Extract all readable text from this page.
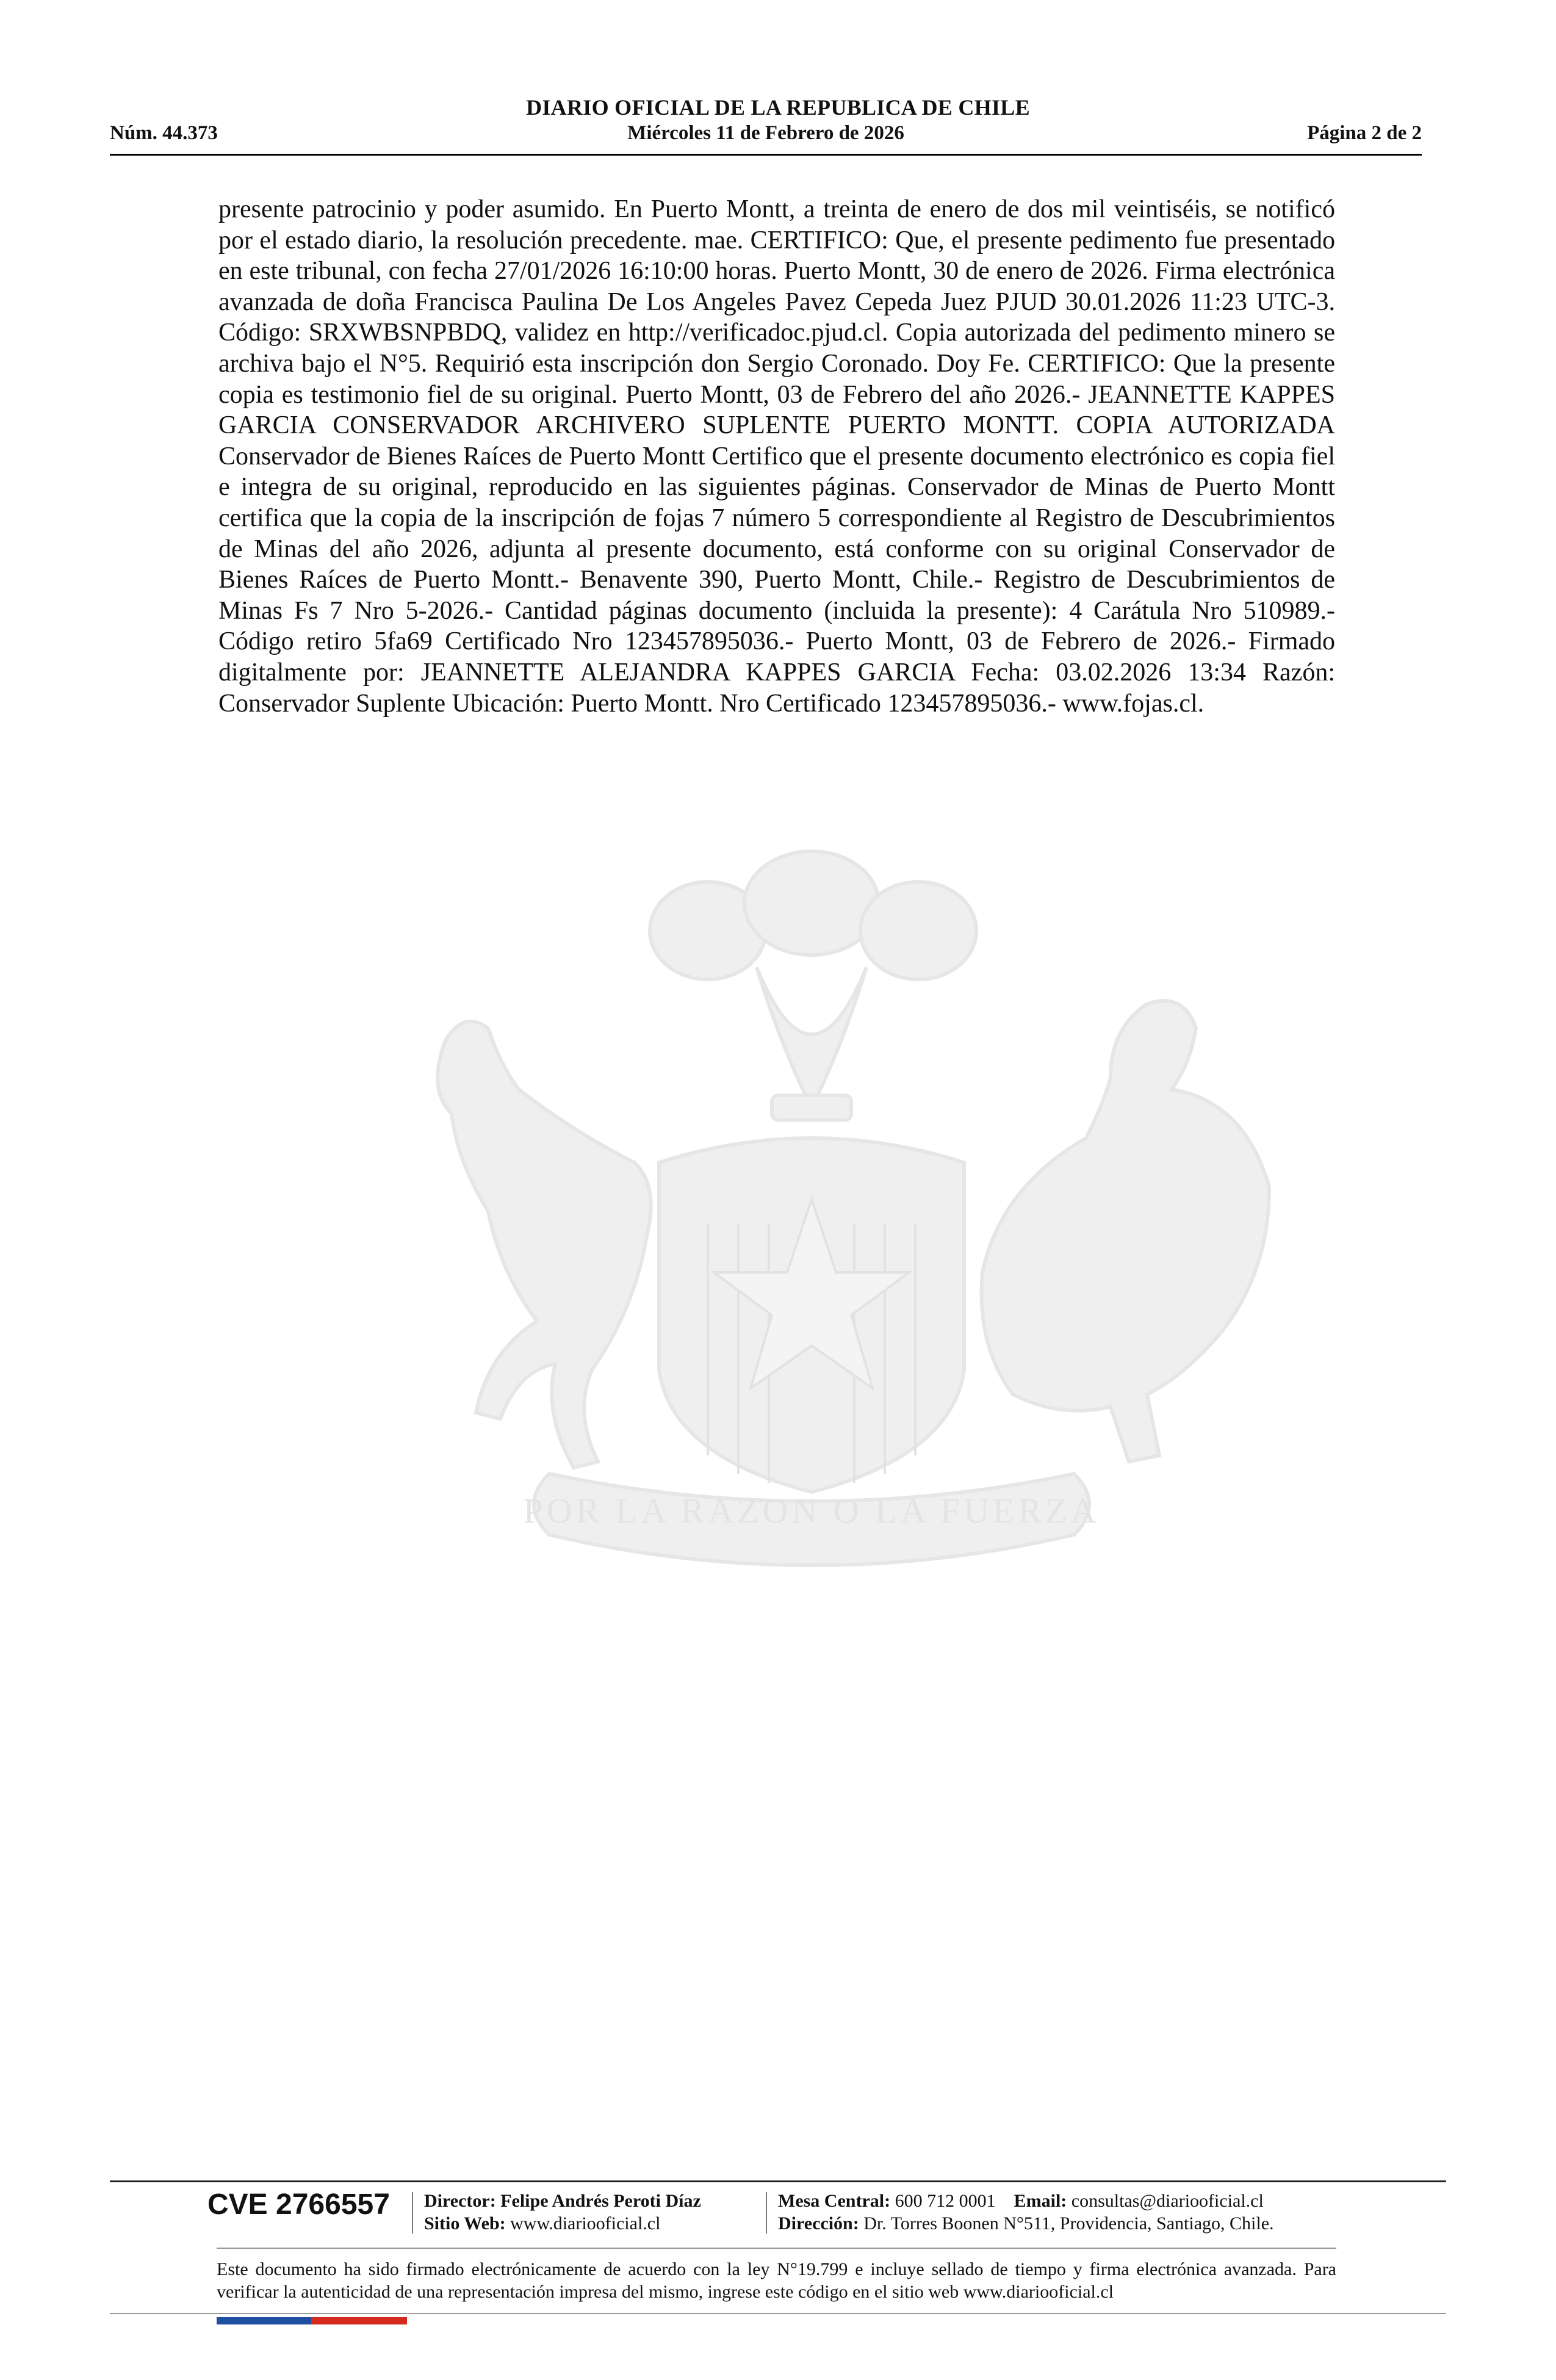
DIARIO OFICIAL DE LA REPUBLICA DE CHILE
Núm. 44.373	Miércoles 11 de Febrero de 2026	Página 2 de 2
POR LA RAZON O LA FUERZA
presente patrocinio y poder asumido. En Puerto Montt, a treinta de enero de dos mil veintiséis, se notificó por el estado diario, la resolución precedente. mae. CERTIFICO: Que, el presente pedimento fue presentado en este tribunal, con fecha 27/01/2026 16:10:00 horas. Puerto Montt, 30 de enero de 2026. Firma electrónica avanzada de doña Francisca Paulina De Los Angeles Pavez Cepeda Juez PJUD 30.01.2026 11:23 UTC-3. Código: SRXWBSNPBDQ, validez en http://verificadoc.pjud.cl. Copia autorizada del pedimento minero se archiva bajo el N°5. Requirió esta inscripción don Sergio Coronado. Doy Fe. CERTIFICO: Que la presente copia es testimonio fiel de su original. Puerto Montt, 03 de Febrero del año 2026.- JEANNETTE KAPPES GARCIA CONSERVADOR ARCHIVERO SUPLENTE PUERTO MONTT. COPIA AUTORIZADA Conservador de Bienes Raíces de Puerto Montt Certifico que el presente documento electrónico es copia fiel e integra de su original, reproducido en las siguientes páginas. Conservador de Minas de Puerto Montt certifica que la copia de la inscripción de fojas 7 número 5 correspondiente al Registro de Descubrimientos de Minas del año 2026, adjunta al presente documento, está conforme con su original Conservador de Bienes Raíces de Puerto Montt.- Benavente 390, Puerto Montt, Chile.- Registro de Descubrimientos de Minas Fs 7 Nro 5-2026.- Cantidad páginas documento (incluida la presente): 4 Carátula Nro 510989.- Código retiro 5fa69 Certificado Nro 123457895036.- Puerto Montt, 03 de Febrero de 2026.- Firmado digitalmente por: JEANNETTE ALEJANDRA KAPPES GARCIA Fecha: 03.02.2026 13:34 Razón: Conservador Suplente Ubicación: Puerto Montt. Nro Certificado 123457895036.- www.fojas.cl.
CVE 2766557	Director: Felipe Andrés Peroti Díaz
Sitio Web: www.diariooficial.cl
Mesa Central: 600 712 0001 Email: consultas@diariooficial.cl
Dirección: Dr. Torres Boonen N°511, Providencia, Santiago, Chile.
Este documento ha sido firmado electrónicamente de acuerdo con la ley N°19.799 e incluye sellado de tiempo y firma electrónica avanzada. Para verificar la autenticidad de una representación impresa del mismo, ingrese este código en el sitio web www.diariooficial.cl
